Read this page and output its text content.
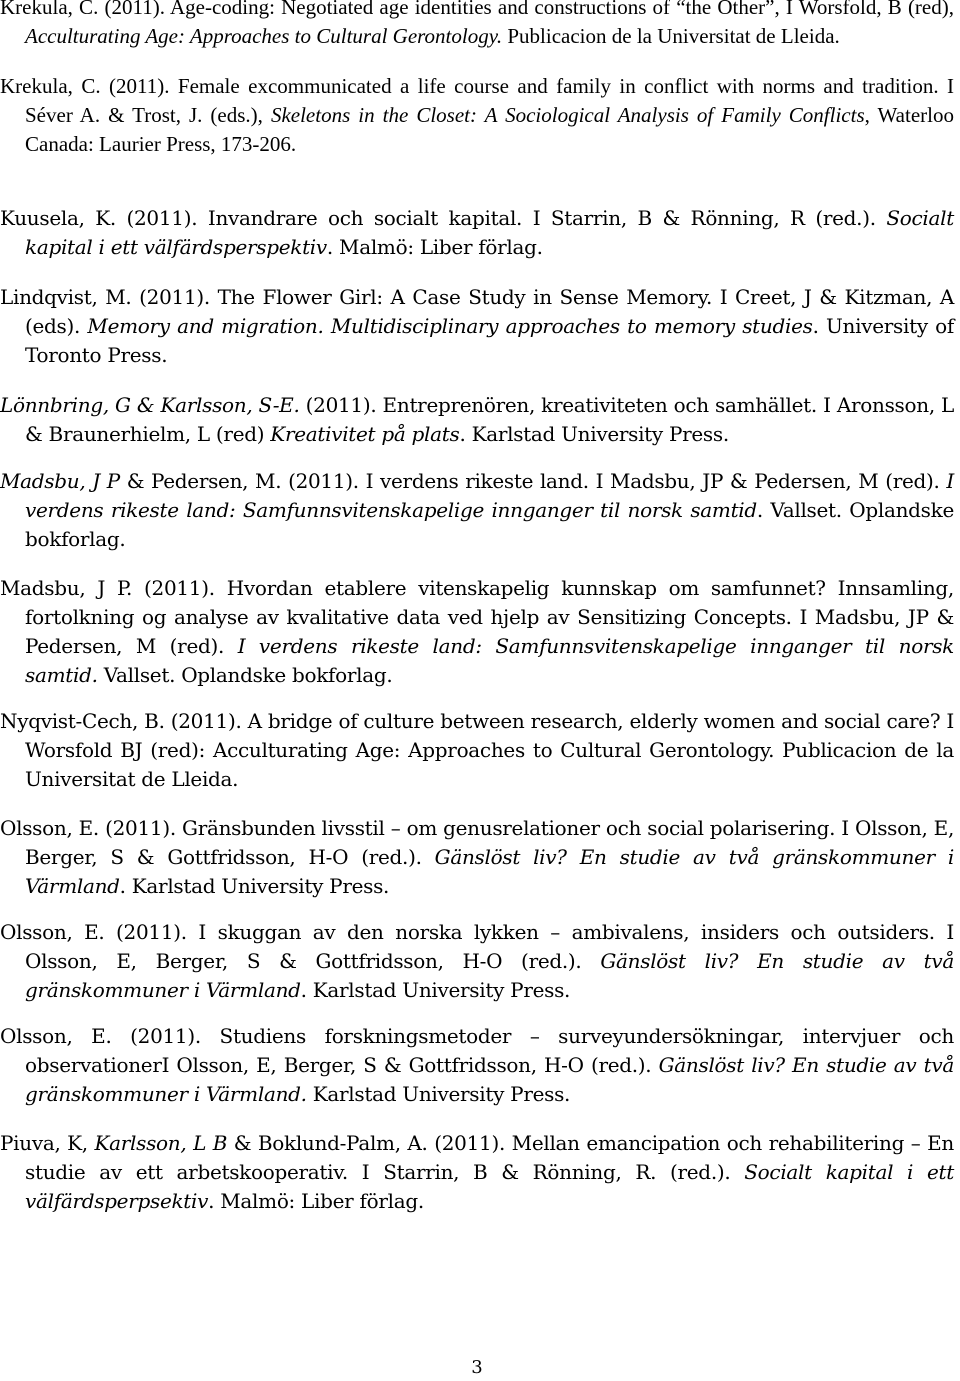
Krekula, C. (2011). Age-coding: Negotiated age identities and constructions of “the Other”, I Worsfold, B (red), Acculturating Age: Approaches to Cultural Gerontology. Publicacion de la Universitat de Lleida.
Krekula, C. (2011). Female excommunicated a life course and family in conflict with norms and tradition. I Séver A. & Trost, J. (eds.), Skeletons in the Closet: A Sociological Analysis of Family Conflicts, Waterloo Canada: Laurier Press, 173-206.
Kuusela, K. (2011). Invandrare och socialt kapital. I Starrin, B & Rönning, R (red.). Socialt kapital i ett välfärdsperspektiv. Malmö: Liber förlag.
Lindqvist, M. (2011). The Flower Girl: A Case Study in Sense Memory. I Creet, J & Kitzman, A (eds). Memory and migration. Multidisciplinary approaches to memory studies. University of Toronto Press.
Lönnbring, G & Karlsson, S-E. (2011). Entreprenören, kreativiteten och samhället. I Aronsson, L & Braunerhielm, L (red) Kreativitet på plats. Karlstad University Press.
Madsbu, J P & Pedersen, M. (2011). I verdens rikeste land. I Madsbu, JP & Pedersen, M (red). I verdens rikeste land: Samfunnsvitenskapelige innganger til norsk samtid. Vallset. Oplandske bokforlag.
Madsbu, J P. (2011). Hvordan etablere vitenskapelig kunnskap om samfunnet? Innsamling, fortolkning og analyse av kvalitative data ved hjelp av Sensitizing Concepts. I Madsbu, JP & Pedersen, M (red). I verdens rikeste land: Samfunnsvitenskapelige innganger til norsk samtid. Vallset. Oplandske bokforlag.
Nyqvist-Cech, B. (2011). A bridge of culture between research, elderly women and social care? I Worsfold BJ (red): Acculturating Age: Approaches to Cultural Gerontology. Publicacion de la Universitat de Lleida.
Olsson, E. (2011). Gränsbunden livsstil – om genusrelationer och social polarisering. I Olsson, E, Berger, S & Gottfridsson, H-O (red.). Gänslöst liv? En studie av två gränskommuner i Värmland. Karlstad University Press.
Olsson, E. (2011). I skuggan av den norska lykken – ambivalens, insiders och outsiders. I Olsson, E, Berger, S & Gottfridsson, H-O (red.). Gänslöst liv? En studie av två gränskommuner i Värmland. Karlstad University Press.
Olsson, E. (2011). Studiens forskningsmetoder – surveyundersökningar, intervjuer och observationerI Olsson, E, Berger, S & Gottfridsson, H-O (red.). Gänslöst liv? En studie av två gränskommuner i Värmland. Karlstad University Press.
Piuva, K, Karlsson, L B & Boklund-Palm, A. (2011). Mellan emancipation och rehabilitering – En studie av ett arbetskooperativ. I Starrin, B & Rönning, R. (red.). Socialt kapital i ett välfärdsperpsektiv. Malmö: Liber förlag.
3
